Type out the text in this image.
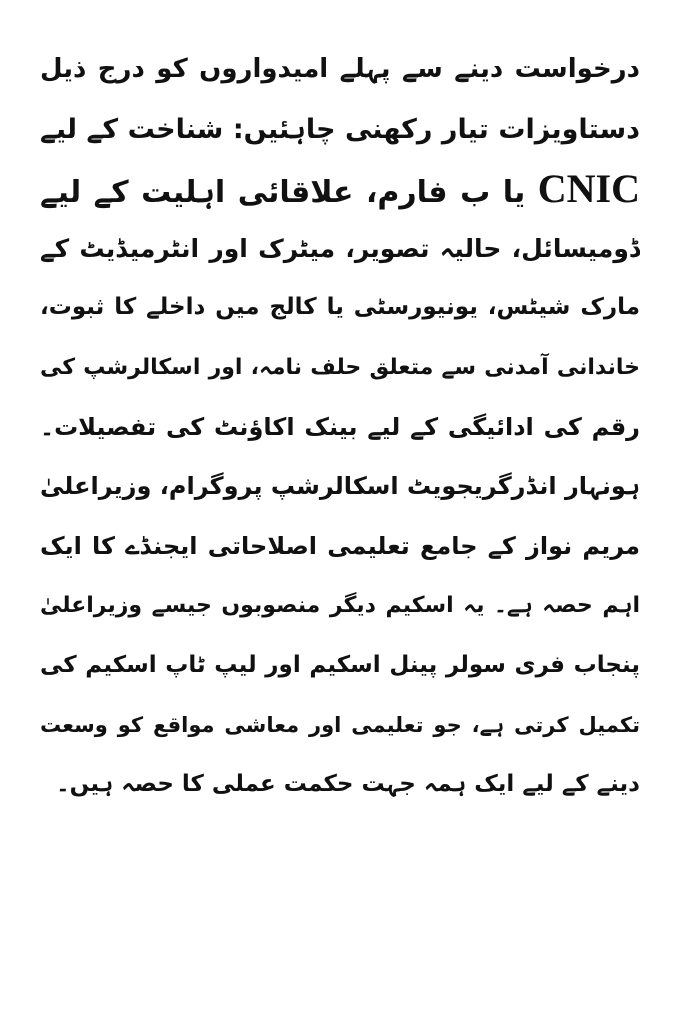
درخواست دینے سے پہلے امیدواروں کو درج ذیل
دستاویزات تیار رکھنی چاہئیں: شناخت کے لیے
CNIC یا ب فارم، علاقائی اہلیت کے لیے
ڈومیسائل، حالیہ تصویر، میٹرک اور انٹرمیڈیٹ کے
مارک شیٹس، یونیورسٹی یا کالج میں داخلے کا ثبوت،
خاندانی آمدنی سے متعلق حلف نامہ، اور اسکالرشپ کی
رقم کی ادائیگی کے لیے بینک اکاؤنٹ کی تفصیلات۔
ہونہار انڈرگریجویٹ اسکالرشپ پروگرام، وزیراعلیٰ
مریم نواز کے جامع تعلیمی اصلاحاتی ایجنڈے کا ایک
اہم حصہ ہے۔ یہ اسکیم دیگر منصوبوں جیسے وزیراعلیٰ
پنجاب فری سولر پینل اسکیم اور لیپ ٹاپ اسکیم کی
تکمیل کرتی ہے، جو تعلیمی اور معاشی مواقع کو وسعت
دینے کے لیے ایک ہمہ جہت حکمت عملی کا حصہ ہیں۔
